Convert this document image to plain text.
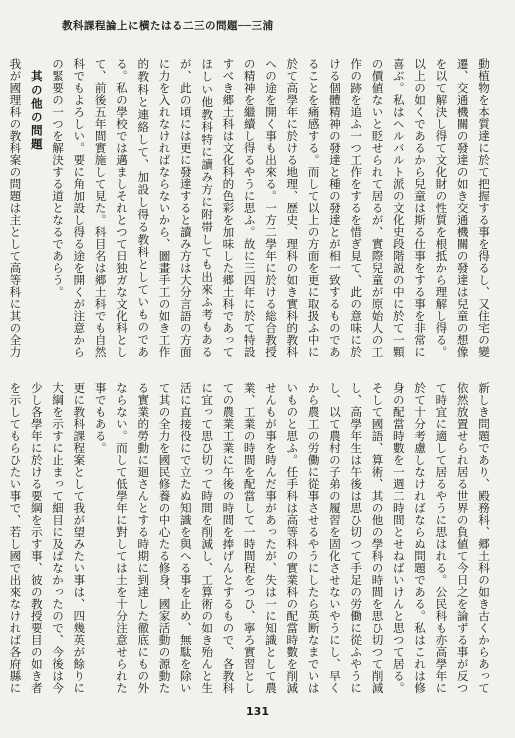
教科課程論上に横たはる二三の問題──三浦

動植物を本質達に於て把握する事を得るし、又住宅の變遷、交通機關の發達の如き交通機關の發達は兒童の想像を以て解決し得て文化財の性質を根抵から理解し得る。以上の如くであるから兒童は斯る仕事をする事を非常に喜ぶ。私はヘルバルト派の文化史段階説の中に於て一顆の價値ないと貶せられて居るが、實際兒童が原始人の工作の跡を追ふ一つ工作をするを惜ぎ見て、此の意味に於ける個體精神の發達と種の發達とが相一致するものであることを痛感する。而して以上の方面を更に取扱ふ中に於て高學年に於ける地理、歴史、理科の如き實科的教科への途を開く事も出來る。一方二學年に於ける総合教授の精神を繼續し得るやうに思ふ。故に三四年に於て特設すべき郷土科は文化科的色彩を加味した郷土科であってほしい他教科特に讀み方に附帯しても出來ふ考もあるが、此の頃には更に發達すると讀み方は大分言語の方面に力を入れなければならないから、圖畫手工の如き工作的教科と連絡して、加設し得る教科としていものである。私の學校では邁ましそれとつて日独ガな文化科として、前後五年間實施して見た。科目名は郷土科でも自然科でもよろしい。要に角加設し得る途を開くが注意からの緊要の一つを解決する道となるであらう。

其の他の問題

我が國理科の教科案の問題は主として高等科に其の全力

新しき問題であり、殿務科、郷土科の如き古くからあって依然放置せられ居る世界の負値て今日之を論ずる事が反つて時宜に適して居るやうに思はれる。公民科も亦高學年に於て十分考慮しなければならぬ問題である。私はこれは修身の配當時數を一週二時間とせねばいけんと思つて居る。そして國語、算術、其の他の學科の時間を思ひ切つて削減し、高學年生は午後は思ひ切つて手足の労働に從ふやうにし、以て農村の子弟の履習を固化させないやうにし、早くから農工の労働に從事させるやうにしたら英断なまでいはいものと思ふ。任手科は高等科の實業科の配當時數を削減せんもが事を時んだ事があったが、失は一に知識として農業、工業の時間を配當して一時間程をつひ、寧ろ實習としての農業工業に午後の時間を捧げんとするもので、各教科に宜って思ひ切って時間を削減し、工算術の如き殆んと生活に直接役にで立たぬ知識を與へる事を止め、無駄を除いて其の全力を國民修養の中心たる修身、國家活動の源動たる實業的勞動に廻さんとする時期に到達した徹底にもの外ならない。而して低學年に對しては土を十分注意せられた事でもある。

更に教科課程案として我が望みたい事は、四幾英が餘りに大綱を示すに止まって細目に及ばなかったので、今後は今少し各學年に於ける要綱を示す事、彼の教授要目の如き者を示してもらひたい事で、若し國で出來なければ各府縣に

131
